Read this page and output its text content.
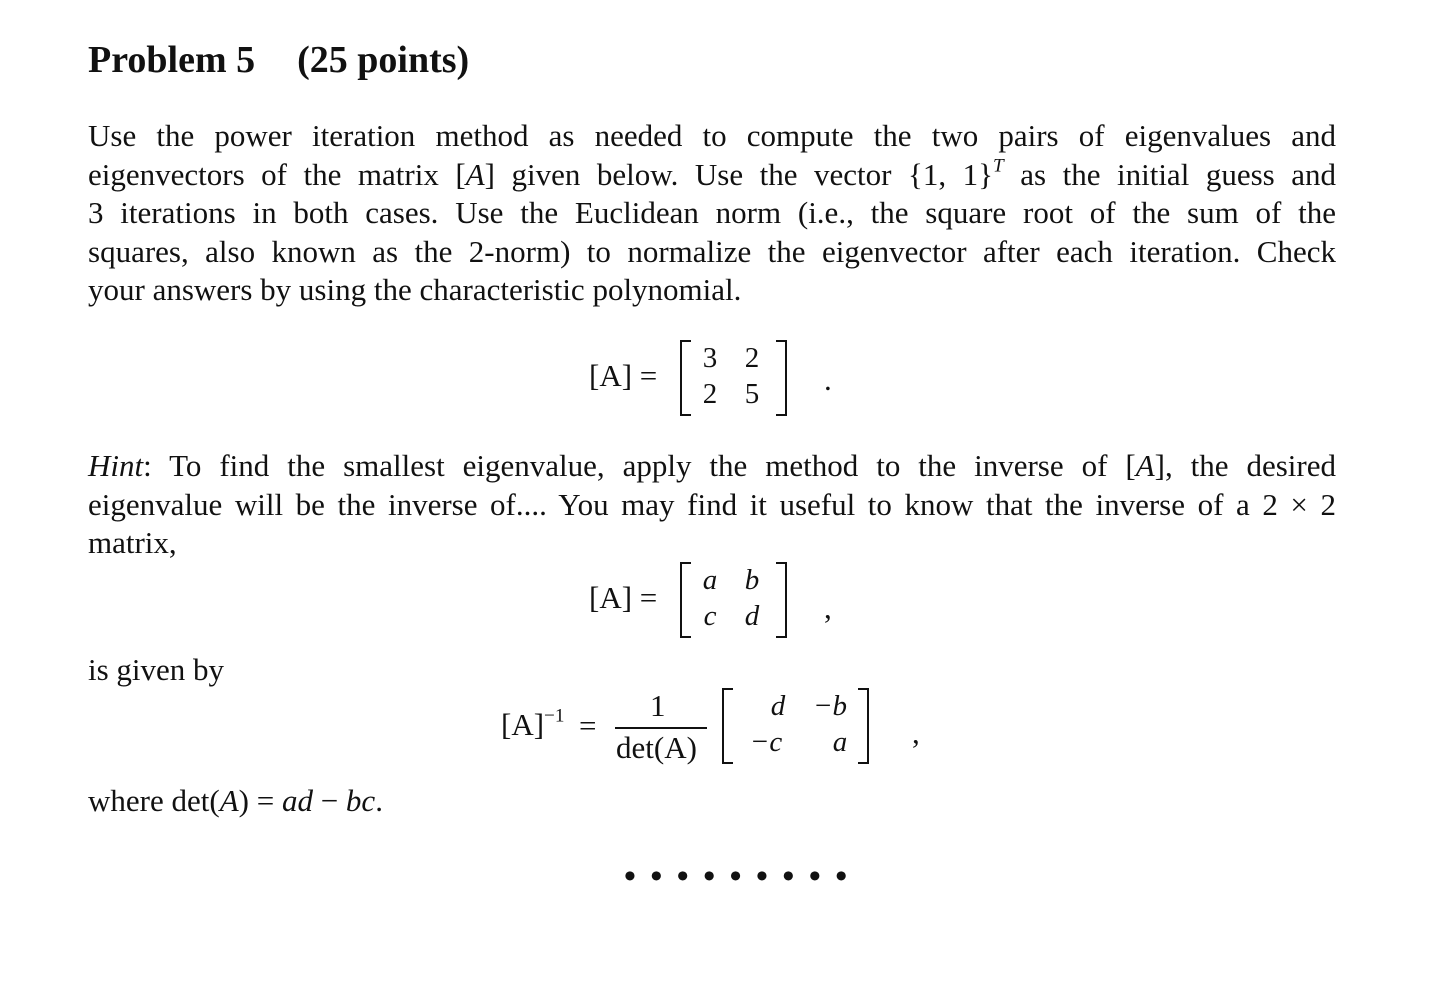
Problem 5 (25 points)
Use the power iteration method as needed to compute the two pairs of eigenvalues and
eigenvectors of the matrix [A] given below. Use the vector {1, 1}$^T$ as the initial guess and
3 iterations in both cases. Use the Euclidean norm (i.e., the square root of the sum of the
squares, also known as the 2-norm) to normalize the eigenvector after each iteration. Check
your answers by using the characteristic polynomial.
[A] =	3 2
2 5	.
Hint: To find the smallest eigenvalue, apply the method to the inverse of [A], the desired
eigenvalue will be the inverse of.... You may find it useful to know that the inverse of a 2 × 2
matrix,
[A] =	a b
c d	,
is given by
$[A]^{-1}$ =
1
det(A)
d −b
−c	a	,
where det(A) = ad − bc.
• • • • • • • • •
